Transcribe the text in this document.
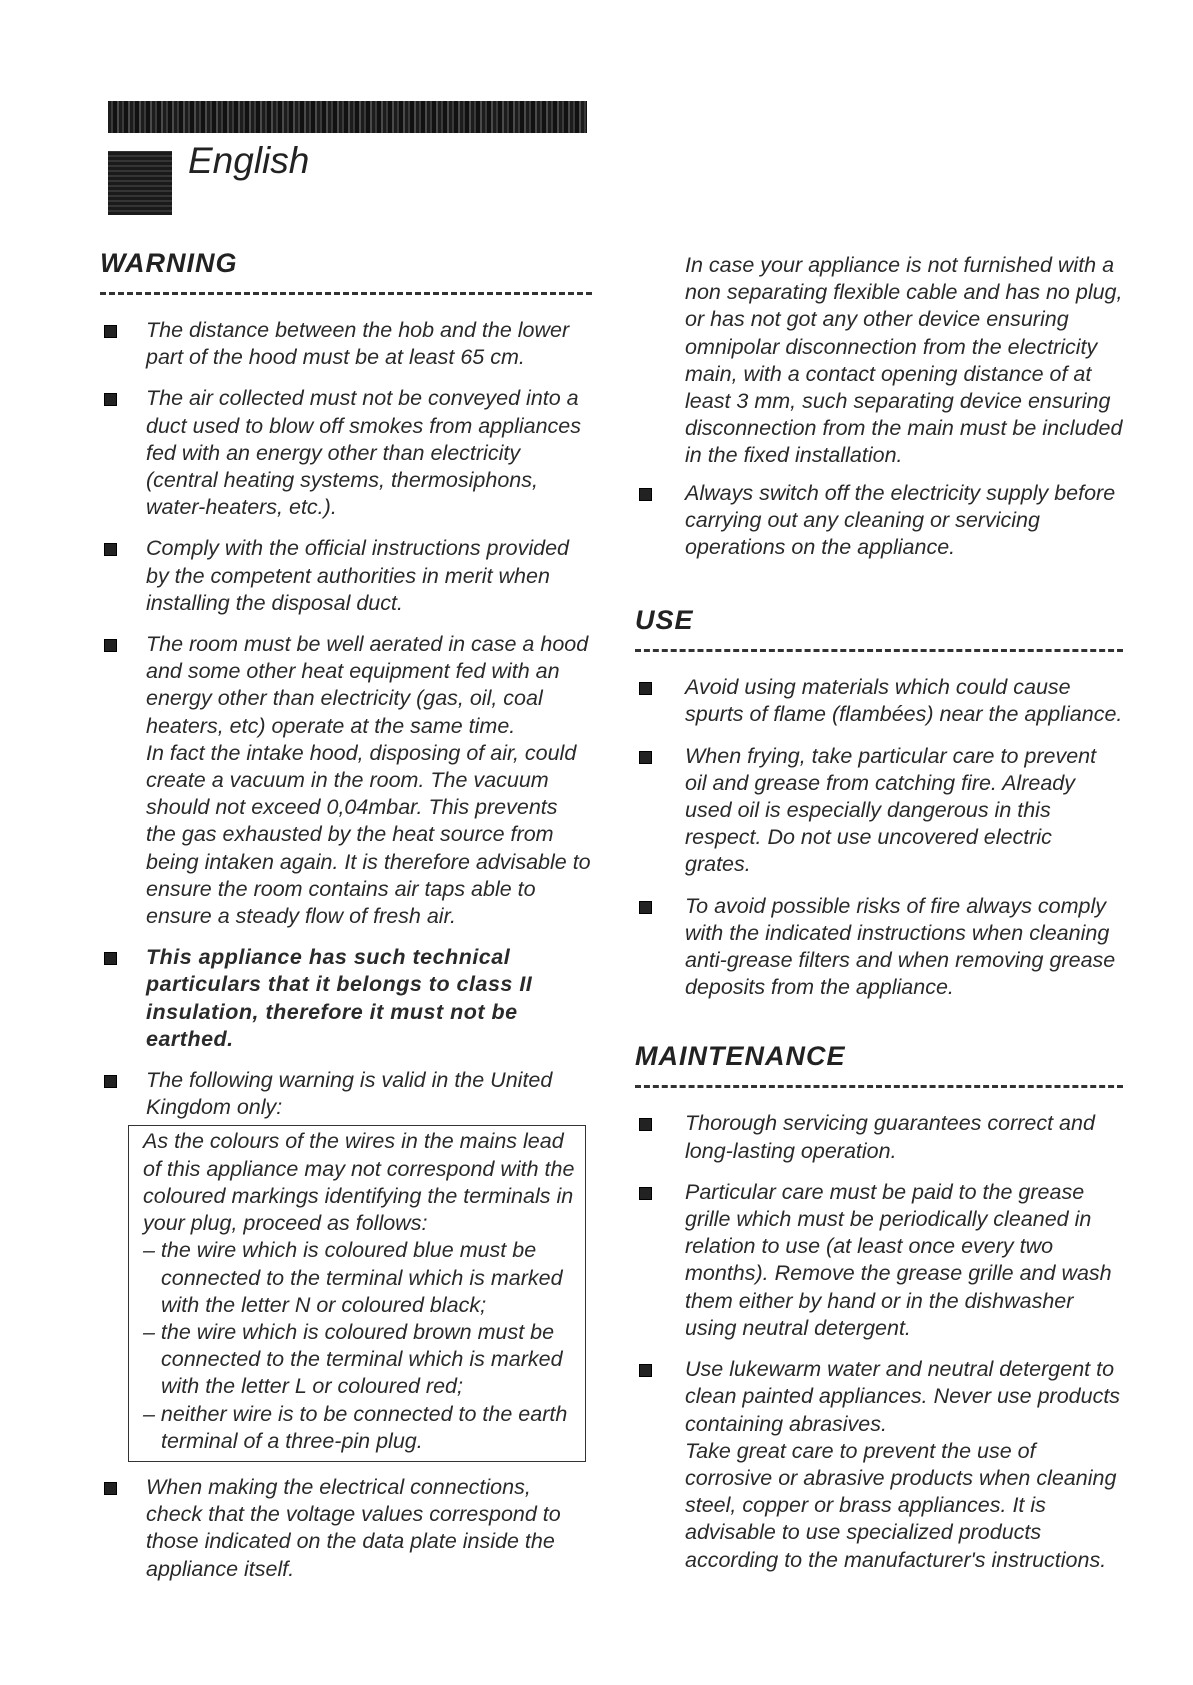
English
WARNING

The distance between the hob and the lower part of the hood must be at least 65 cm.

The air collected must not be conveyed into a duct used to blow off smokes from appliances fed with an energy other than electricity (central heating systems, thermosiphons, water-heaters, etc.).

Comply with the official instructions provided by the competent authorities in merit when installing the disposal duct.

The room must be well aerated in case a hood and some other heat equipment fed with an energy other than electricity (gas, oil, coal heaters, etc) operate at the same time.

In fact the intake hood, disposing of air, could create a vacuum in the room. The vacuum should not exceed 0,04mbar. This prevents the gas exhausted by the heat source from being intaken again. It is therefore advisable to ensure the room contains air taps able to ensure a steady flow of fresh air.

This appliance has such technical particulars that it belongs to class II insulation, therefore it must not be earthed.

The following warning is valid in the United Kingdom only:

As the colours of the wires in the mains lead of this appliance may not correspond with the coloured markings identifying the terminals in your plug, proceed as follows:

– the wire which is coloured blue must be connected to the terminal which is marked with the letter N or coloured black;

– the wire which is coloured brown must be connected to the terminal which is marked with the letter L or coloured red;

– neither wire is to be connected to the earth terminal of a three-pin plug.

When making the electrical connections, check that the voltage values correspond to those indicated on the data plate inside the appliance itself.

In case your appliance is not furnished with a non separating flexible cable and has no plug, or has not got any other device ensuring omnipolar disconnection from the electricity main, with a contact opening distance of at least 3 mm, such separating device ensuring disconnection from the main must be included in the fixed installation.

Always switch off the electricity supply before carrying out any cleaning or servicing operations on the appliance.

USE

Avoid using materials which could cause spurts of flame (flambées) near the appliance.

When frying, take particular care to prevent oil and grease from catching fire. Already used oil is especially dangerous in this respect. Do not use uncovered electric grates.

To avoid possible risks of fire always comply with the indicated instructions when cleaning anti-grease filters and when removing grease deposits from the appliance.

MAINTENANCE

Thorough servicing guarantees correct and long-lasting operation.

Particular care must be paid to the grease grille which must be periodically cleaned in relation to use (at least once every two months). Remove the grease grille and wash them either by hand or in the dishwasher using neutral detergent.

Use lukewarm water and neutral detergent to clean painted appliances. Never use products containing abrasives.

Take great care to prevent the use of corrosive or abrasive products when cleaning steel, copper or brass appliances. It is advisable to use specialized products according to the manufacturer's instructions.
